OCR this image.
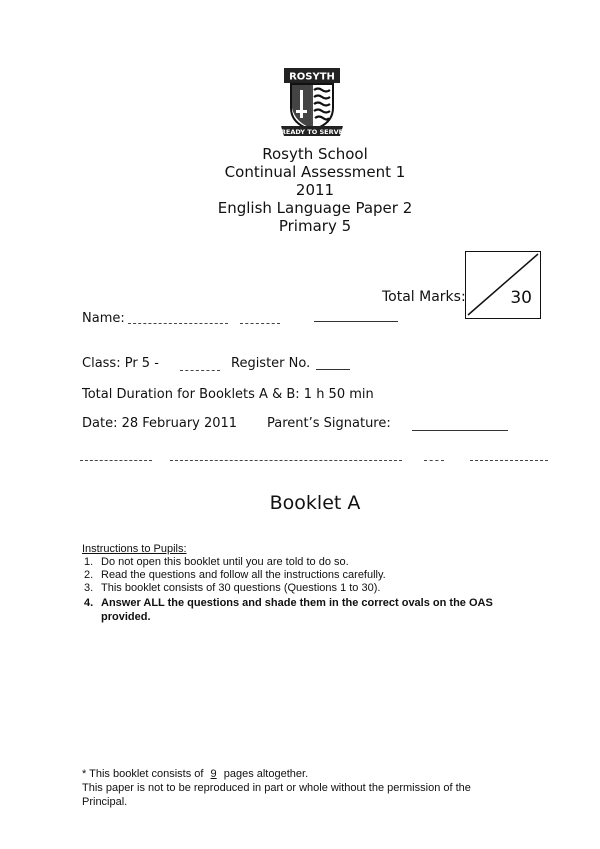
ROSYTH
READY TO SERVE
Rosyth School
Continual Assessment 1
2011
English Language Paper 2
Primary 5
Total Marks:	30
Name:
Class: Pr 5 -	Register No.
Total Duration for Booklets A & B: 1 h 50 min
Date: 28 February 2011 Parent’s Signature:
Booklet A
Instructions to Pupils:
1. Do not open this booklet until you are told to do so.
2. Read the questions and follow all the instructions carefully.
3. This booklet consists of 30 questions (Questions 1 to 30).
4. Answer ALL the questions and shade them in the correct ovals on the OAS
provided.
* This booklet consists of 9 pages altogether.
This paper is not to be reproduced in part or whole without the permission of the
Principal.
